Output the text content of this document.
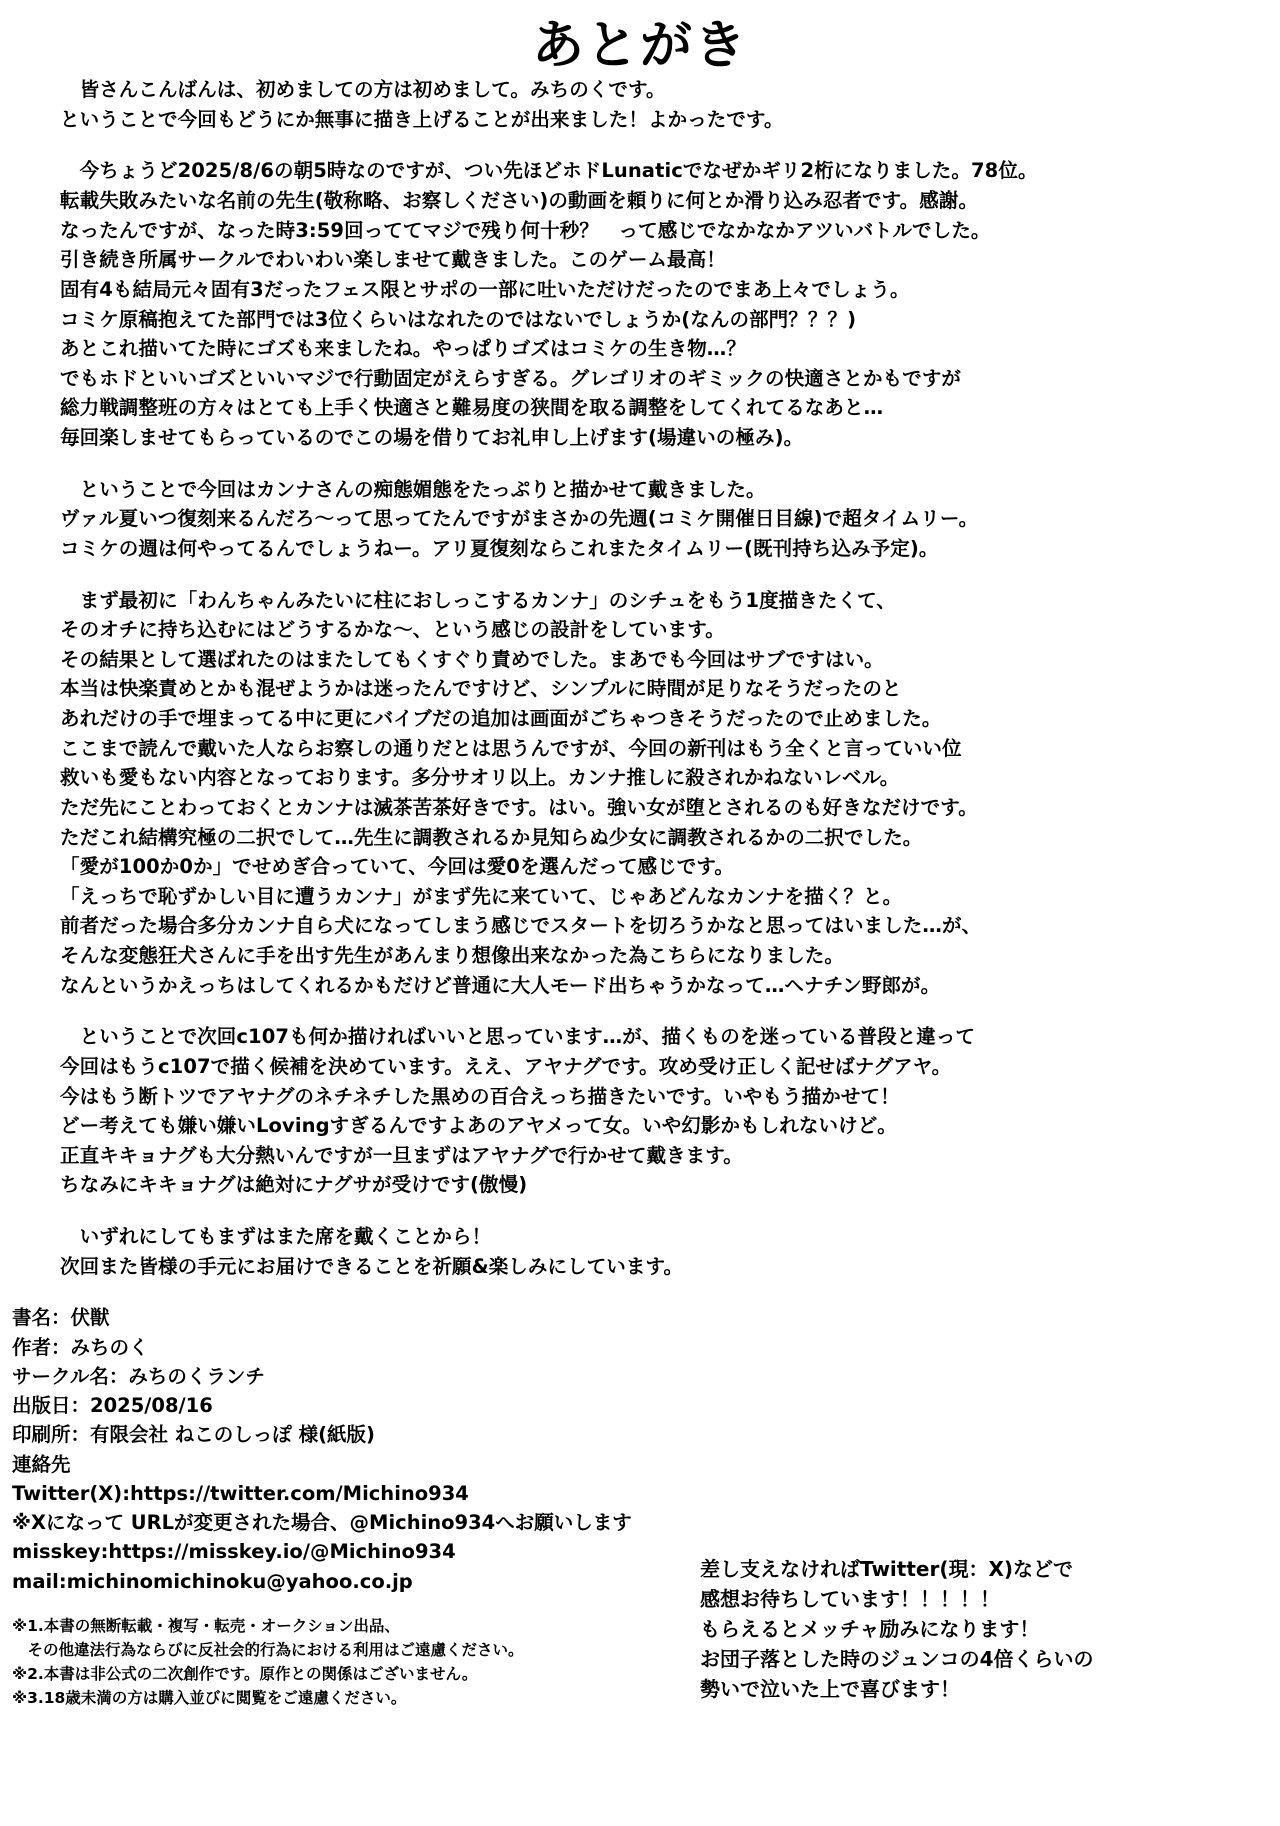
あとがき

　皆さんこんばんは、初めましての方は初めまして。みちのくです。
ということで今回もどうにか無事に描き上げることが出来ました！よかったです。

　今ちょうど2025/8/6の朝5時なのですが、つい先ほどホドLunaticでなぜかギリ2桁になりました。78位。
転載失敗みたいな名前の先生(敬称略、お察しください)の動画を頼りに何とか滑り込み忍者です。感謝。
なったんですが、なった時3:59回っててマジで残り何十秒？　って感じでなかなかアツいバトルでした。
引き続き所属サークルでわいわい楽しませて戴きました。このゲーム最高！
固有4も結局元々固有3だったフェス限とサポの一部に吐いただけだったのでまあ上々でしょう。
コミケ原稿抱えてた部門では3位くらいはなれたのではないでしょうか(なんの部門？？？)
あとこれ描いてた時にゴズも来ましたね。やっぱりゴズはコミケの生き物…？
でもホドといいゴズといいマジで行動固定がえらすぎる。グレゴリオのギミックの快適さとかもですが
総力戦調整班の方々はとても上手く快適さと難易度の狭間を取る調整をしてくれてるなあと…
毎回楽しませてもらっているのでこの場を借りてお礼申し上げます(場違いの極み)。

　ということで今回はカンナさんの痴態媚態をたっぷりと描かせて戴きました。
ヴァル夏いつ復刻来るんだろ～って思ってたんですがまさかの先週(コミケ開催日目線)で超タイムリー。
コミケの週は何やってるんでしょうねー。アリ夏復刻ならこれまたタイムリー(既刊持ち込み予定)。

　まず最初に「わんちゃんみたいに柱におしっこするカンナ」のシチュをもう1度描きたくて、
そのオチに持ち込むにはどうするかな～、という感じの設計をしています。
その結果として選ばれたのはまたしてもくすぐり責めでした。まあでも今回はサブですはい。
本当は快楽責めとかも混ぜようかは迷ったんですけど、シンプルに時間が足りなそうだったのと
あれだけの手で埋まってる中に更にバイブだの追加は画面がごちゃつきそうだったので止めました。
ここまで読んで戴いた人ならお察しの通りだとは思うんですが、今回の新刊はもう全くと言っていい位
救いも愛もない内容となっております。多分サオリ以上。カンナ推しに殺されかねないレベル。
ただ先にことわっておくとカンナは滅茶苦茶好きです。はい。強い女が堕とされるのも好きなだけです。
ただこれ結構究極の二択でして…先生に調教されるか見知らぬ少女に調教されるかの二択でした。
「愛が100か0か」でせめぎ合っていて、今回は愛0を選んだって感じです。
「えっちで恥ずかしい目に遭うカンナ」がまず先に来ていて、じゃあどんなカンナを描く？と。
前者だった場合多分カンナ自ら犬になってしまう感じでスタートを切ろうかなと思ってはいました…が、
そんな変態狂犬さんに手を出す先生があんまり想像出来なかった為こちらになりました。
なんというかえっちはしてくれるかもだけど普通に大人モード出ちゃうかなって…ヘナチン野郎が。

　ということで次回c107も何か描ければいいと思っています…が、描くものを迷っている普段と違って
今回はもうc107で描く候補を決めています。ええ、アヤナグです。攻め受け正しく記せばナグアヤ。
今はもう断トツでアヤナグのネチネチした黒めの百合えっち描きたいです。いやもう描かせて！
どー考えても嫌い嫌いLovingすぎるんですよあのアヤメって女。いや幻影かもしれないけど。
正直キキョナグも大分熱いんですが一旦まずはアヤナグで行かせて戴きます。
ちなみにキキョナグは絶対にナグサが受けです(傲慢)

　いずれにしてもまずはまた席を戴くことから！
次回また皆様の手元にお届けできることを祈願&楽しみにしています。

書名：伏獣
作者：みちのく
サークル名：みちのくランチ
出版日：2025/08/16
印刷所：有限会社 ねこのしっぽ 様(紙版)
連絡先
Twitter(X):https://twitter.com/Michino934
※Xになって URLが変更された場合、@Michino934へお願いします
misskey:https://misskey.io/@Michino934
mail:michinomichinoku@yahoo.co.jp
※1.本書の無断転載・複写・転売・オークション出品、
　その他違法行為ならびに反社会的行為における利用はご遠慮ください。
※2.本書は非公式の二次創作です。原作との関係はございません。
※3.18歳未満の方は購入並びに閲覧をご遠慮ください。
差し支えなければTwitter(現：X)などで
感想お待ちしています！！！！！
もらえるとメッチャ励みになります！
お団子落とした時のジュンコの4倍くらいの
勢いで泣いた上で喜びます！
